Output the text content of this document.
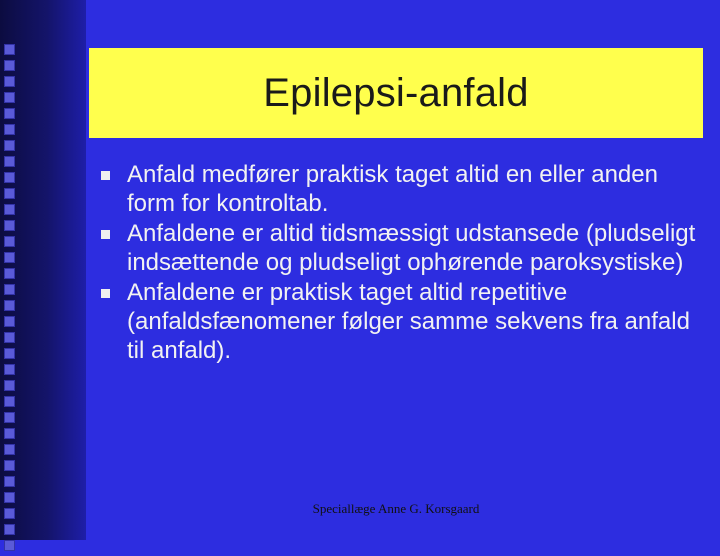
Epilepsi-anfald
Anfald medfører praktisk taget altid en eller anden form for kontroltab.
Anfaldene er altid tidsmæssigt udstansede (pludseligt indsættende og pludseligt ophørende paroksystiske)
Anfaldene er praktisk taget altid repetitive (anfaldsfænomener følger samme sekvens fra anfald til anfald).
Speciallæge Anne G. Korsgaard
